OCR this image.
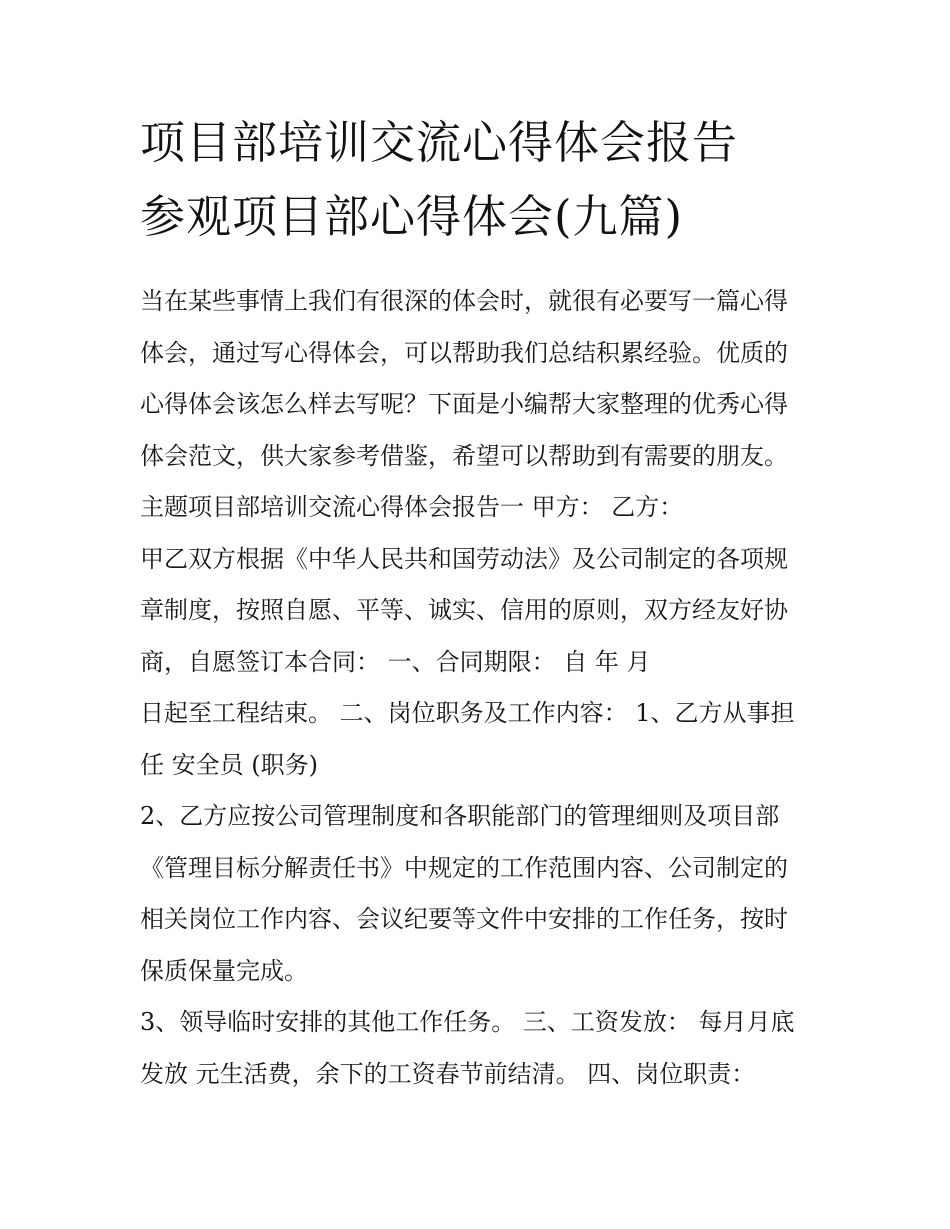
项目部培训交流心得体会报告
参观项目部心得体会(九篇)
当在某些事情上我们有很深的体会时，就很有必要写一篇心得
体会，通过写心得体会，可以帮助我们总结积累经验。优质的
心得体会该怎么样去写呢？下面是小编帮大家整理的优秀心得
体会范文，供大家参考借鉴，希望可以帮助到有需要的朋友。
主题项目部培训交流心得体会报告一 甲方： 乙方：
甲乙双方根据《中华人民共和国劳动法》及公司制定的各项规
章制度，按照自愿、平等、诚实、信用的原则，双方经友好协
商，自愿签订本合同： 一、合同期限： 自 年 月
日起至工程结束。 二、岗位职务及工作内容： 1、乙方从事担
任 安全员 (职务)
2、乙方应按公司管理制度和各职能部门的管理细则及项目部
《管理目标分解责任书》中规定的工作范围内容、公司制定的
相关岗位工作内容、会议纪要等文件中安排的工作任务，按时
保质保量完成。
3、领导临时安排的其他工作任务。 三、工资发放： 每月月底
发放 元生活费，余下的工资春节前结清。 四、岗位职责：
